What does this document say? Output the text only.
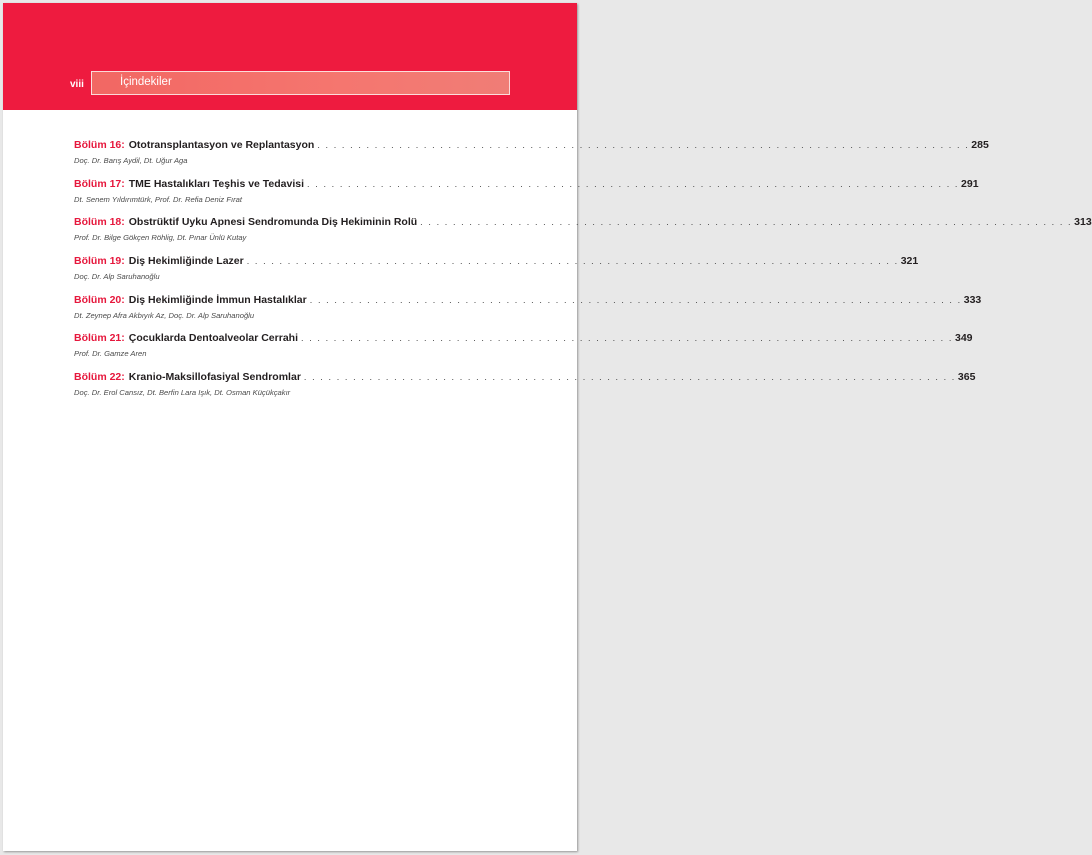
viii	İçindekiler
Bölüm 16: Ototransplantasyon ve Replantasyon . . . . . . . . . . . . . . . . . . . . . . . . . . . . . . . . . . . . . . . . . . . . . . . . . . . . . . . . . . . . . . . . . . . . . . . . . . . . . . . . 285
Doç. Dr. Barış Aydil, Dt. Uğur Aga
Bölüm 17: TME Hastalıkları Teşhis ve Tedavisi . . . . . . . . . . . . . . . . . . . . . . . . . . . . . . . . . . . . . . . . . . . . . . . . . . . . . . . . . . . . . . . . . . . . . . . . . . . . . . . . 291
Dt. Senem Yıldırımtürk, Prof. Dr. Refia Deniz Fırat
Bölüm 18: Obstrüktif Uyku Apnesi Sendromunda Diş Hekiminin Rolü . . . . . . . . . . . . . . . . . . . . . . . . . . . . . . . . . . . . . . . . . . . . . . . . . . . . . . . . . . . . . . . . . . . . . . . . . . . . . . . . 313
Prof. Dr. Bilge Gökçen Röhlig, Dt. Pınar Ünlü Kutay
Bölüm 19: Diş Hekimliğinde Lazer . . . . . . . . . . . . . . . . . . . . . . . . . . . . . . . . . . . . . . . . . . . . . . . . . . . . . . . . . . . . . . . . . . . . . . . . . . . . . . . . 321
Doç. Dr. Alp Saruhanoğlu
Bölüm 20: Diş Hekimliğinde İmmun Hastalıklar . . . . . . . . . . . . . . . . . . . . . . . . . . . . . . . . . . . . . . . . . . . . . . . . . . . . . . . . . . . . . . . . . . . . . . . . . . . . . . . . 333
Dt. Zeynep Afra Akbıyık Az, Doç. Dr. Alp Saruhanoğlu
Bölüm 21: Çocuklarda Dentoalveolar Cerrahi . . . . . . . . . . . . . . . . . . . . . . . . . . . . . . . . . . . . . . . . . . . . . . . . . . . . . . . . . . . . . . . . . . . . . . . . . . . . . . . . 349
Prof. Dr. Gamze Aren
Bölüm 22: Kranio-Maksillofasiyal Sendromlar . . . . . . . . . . . . . . . . . . . . . . . . . . . . . . . . . . . . . . . . . . . . . . . . . . . . . . . . . . . . . . . . . . . . . . . . . . . . . . . . 365
Doç. Dr. Erol Cansız, Dt. Berfin Lara Işık, Dt. Osman Küçükçakır
